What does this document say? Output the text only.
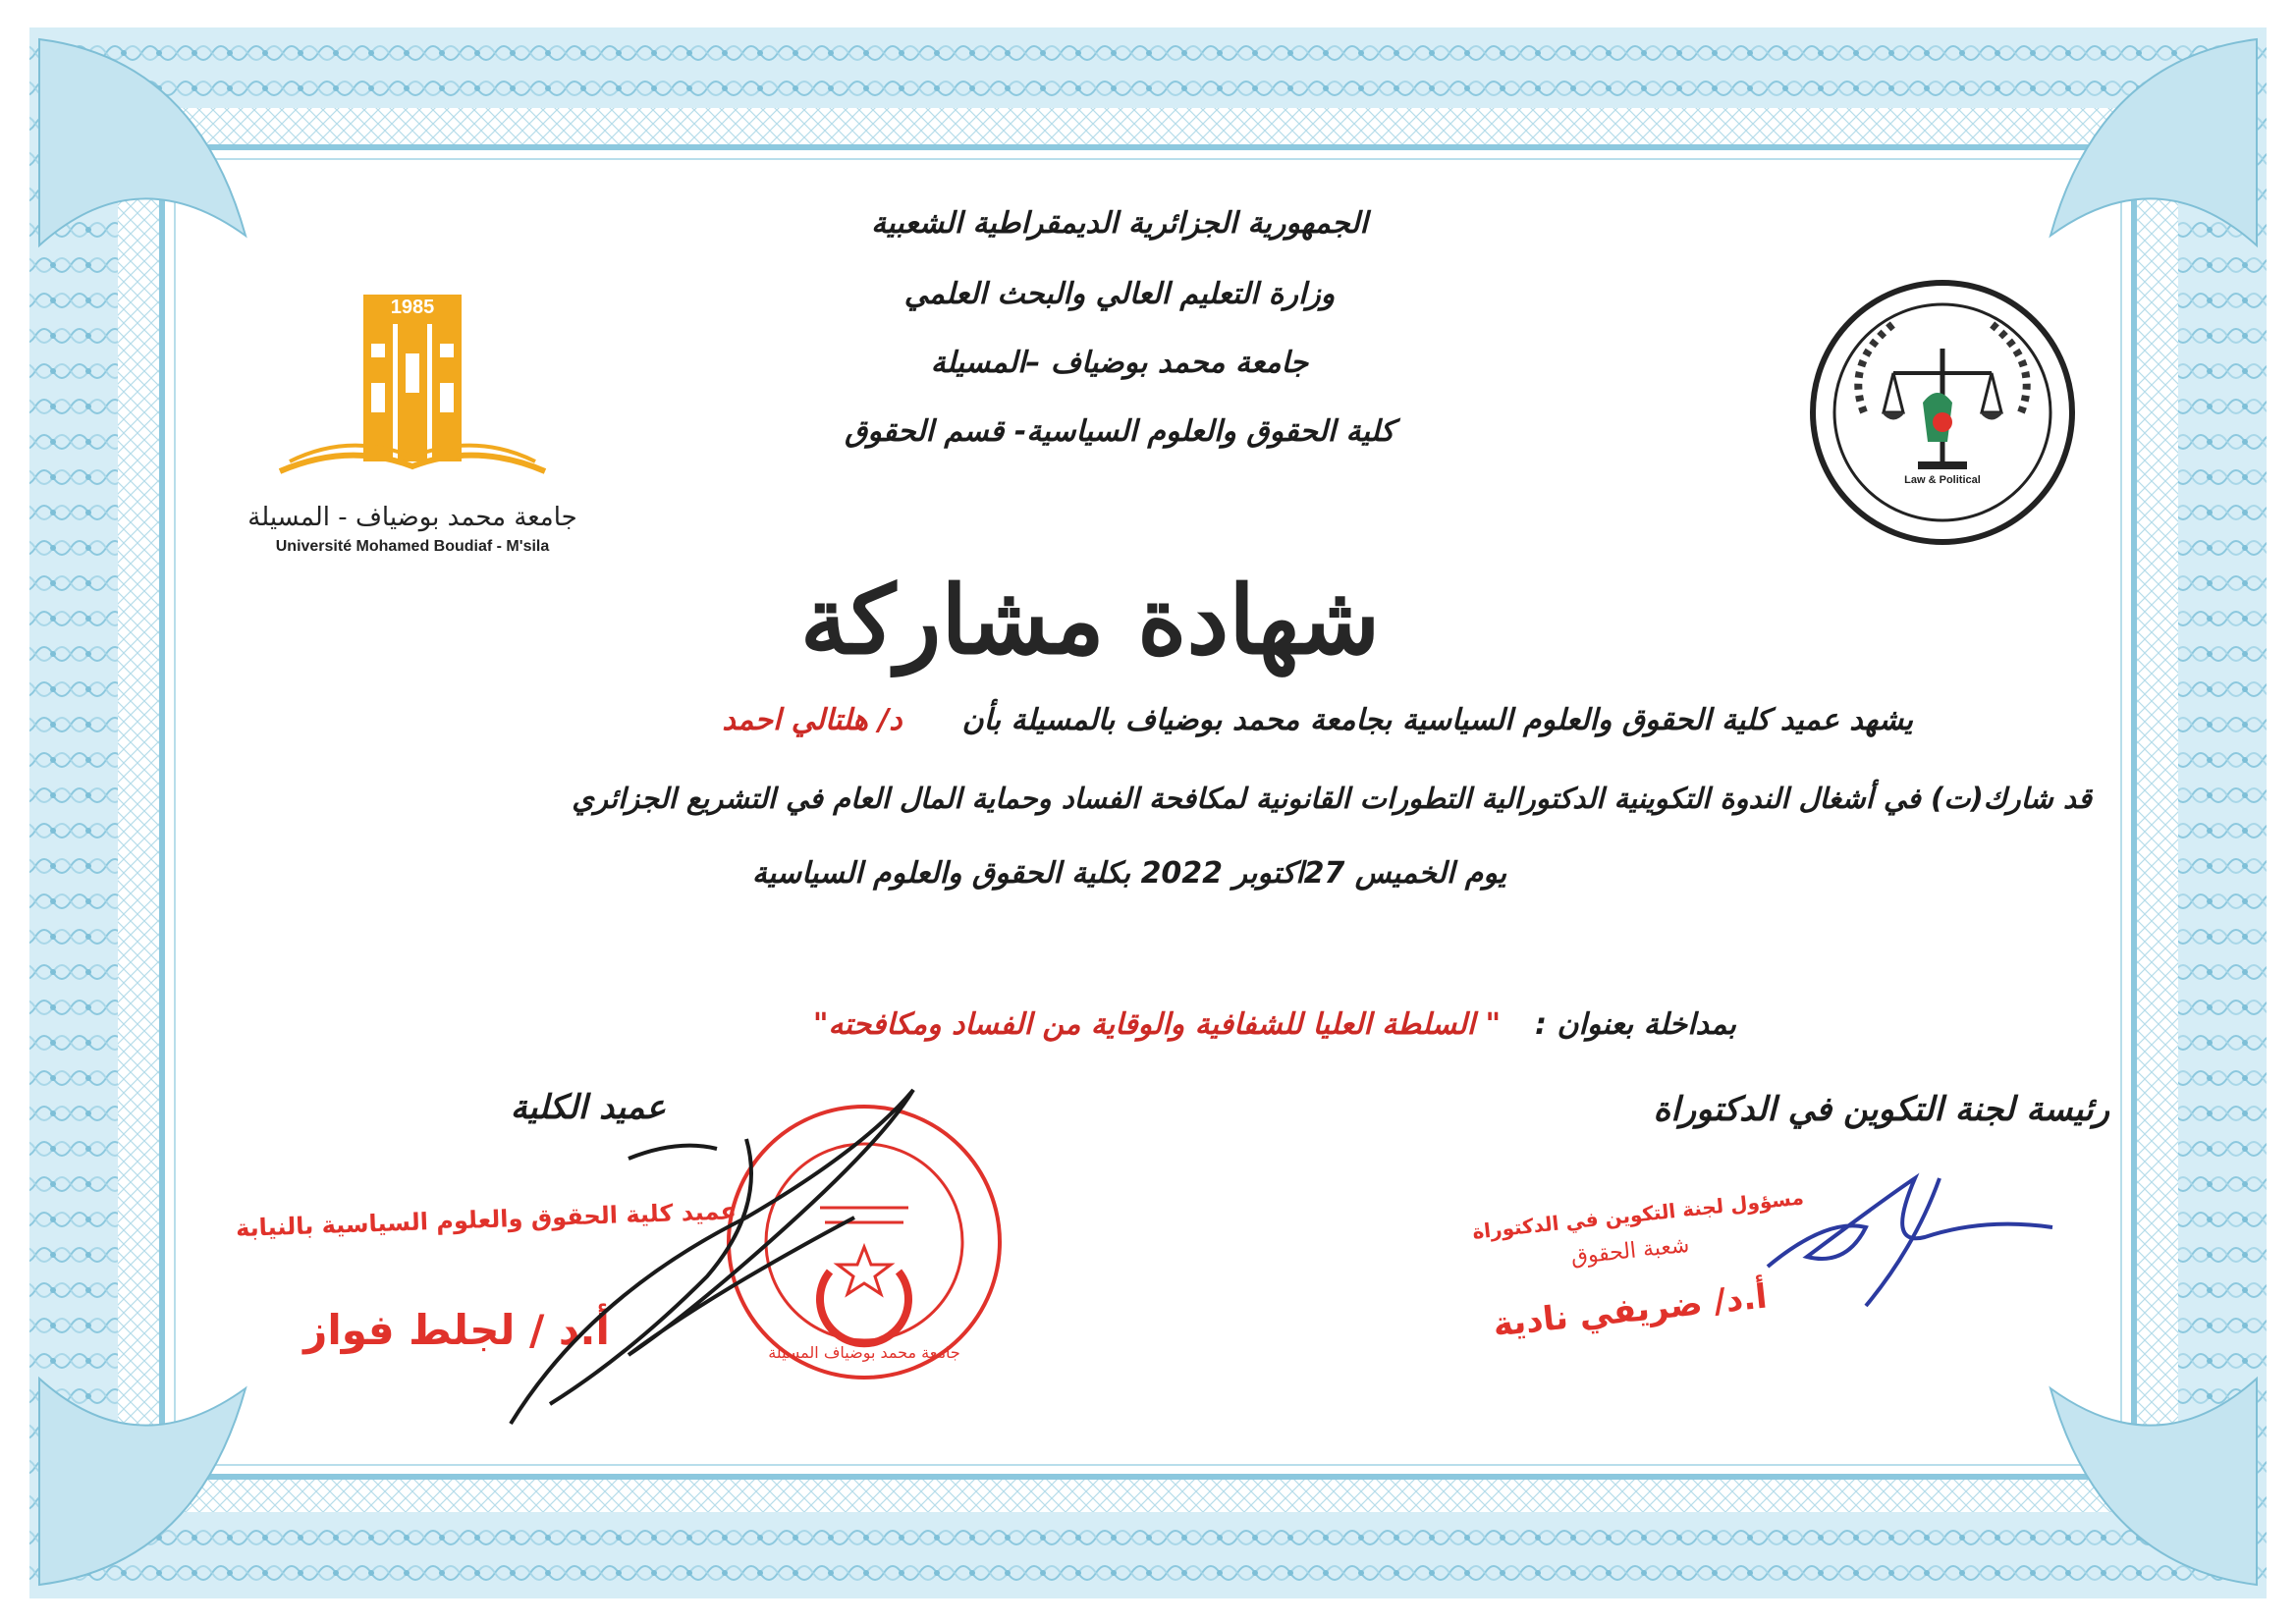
الجمهورية الجزائرية الديمقراطية الشعبية
وزارة التعليم العالي والبحث العلمي
جامعة محمد بوضياف –المسيلة
كلية الحقوق والعلوم السياسية- قسم الحقوق
1985
جامعة محمد بوضياف - المسيلة
Université Mohamed Boudiaf - M'sila
Law & Political
شهادة مشاركة
يشهد عميد كلية الحقوق والعلوم السياسية بجامعة محمد بوضياف بالمسيلة بأن  د/ هلتالي احمد
قد شارك(ت) في أشغال الندوة التكوينية الدكتورالية التطورات القانونية لمكافحة الفساد وحماية المال العام في التشريع الجزائري
يوم الخميس 27اكتوبر 2022 بكلية الحقوق والعلوم السياسية
بمداخلة بعنوان :  " السلطة العليا للشفافية والوقاية من الفساد ومكافحته"
رئيسة لجنة التكوين في الدكتوراة
عميد الكلية
مسؤول لجنة التكوين في الدكتوراة
شعبة الحقوق
أ.د/ ضريفي نادية
عميد كلية الحقوق والعلوم السياسية بالنيابة
أ.د / لجلط فواز	جامعة محمد بوضياف المسيلة
